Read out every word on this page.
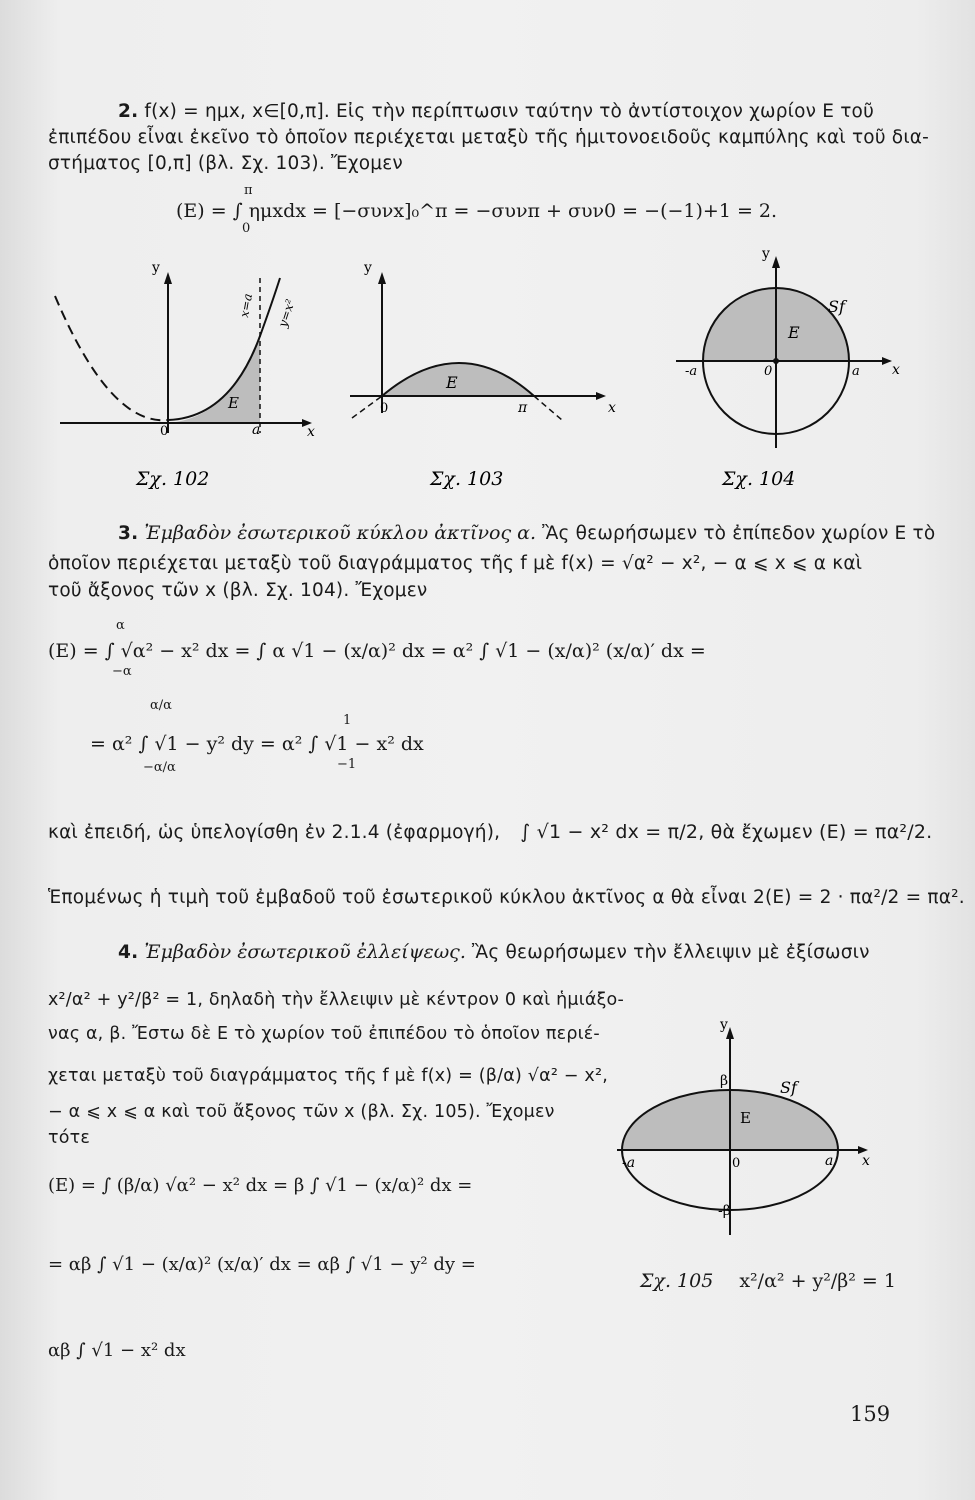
2. f(x) = ημx, x∈[0,π]. Εἰς τὴν περίπτωσιν ταύτην τὸ ἀντίστοιχον χωρίον Ε τοῦ
ἐπιπέδου εἶναι ἐκεῖνο τὸ ὁποῖον περιέχεται μεταξὺ τῆς ἡμιτονοειδοῦς καμπύλης καὶ τοῦ δια-
στήματος [0,π] (βλ. Σχ. 103). Ἔχομεν
(Ε) = ∫ ημxdx = [−συνx]₀^π = −συνπ + συν0 = −(−1)+1 = 2.
π
0
y
x
0	a
E
x=a y=x²
Σχ. 102
y
x
0	π
E
Σχ. 103
y
x
0
-a	a
E
Sf
Σχ. 104
3. Ἐμβαδὸν ἐσωτερικοῦ κύκλου ἀκτῖνος α. Ἂς θεωρήσωμεν τὸ ἐπίπεδον χωρίον Ε τὸ
ὁποῖον περιέχεται μεταξὺ τοῦ διαγράμματος τῆς f μὲ f(x) = √α² − x², − α ⩽ x ⩽ α καὶ
τοῦ ἄξονος τῶν x (βλ. Σχ. 104). Ἔχομεν
(Ε) = ∫ √α² − x² dx = ∫ α √1 − (x/α)² dx = α² ∫ √1 − (x/α)² (x/α)′ dx =
α
−α
= α² ∫ √1 − y² dy = α² ∫ √1 − x² dx
α/α
−α/α
1
−1
καὶ ἐπειδή, ὡς ὑπελογίσθη ἐν 2.1.4 (ἐφαρμογή), ∫ √1 − x² dx = π/2, θὰ ἔχωμεν (Ε) = πα²/2.
Ἑπομένως ἡ τιμὴ τοῦ ἐμβαδοῦ τοῦ ἐσωτερικοῦ κύκλου ἀκτῖνος α θὰ εἶναι 2(Ε) = 2 · πα²/2 = πα².
4. Ἐμβαδὸν ἐσωτερικοῦ ἐλλείψεως. Ἂς θεωρήσωμεν τὴν ἔλλειψιν μὲ ἐξίσωσιν
x²/α² + y²/β² = 1, δηλαδὴ τὴν ἔλλειψιν μὲ κέντρον 0 καὶ ἡμιάξο-
νας α, β. Ἔστω δὲ Ε τὸ χωρίον τοῦ ἐπιπέδου τὸ ὁποῖον περιέ-
χεται μεταξὺ τοῦ διαγράμματος τῆς f μὲ f(x) = (β/α) √α² − x²,
− α ⩽ x ⩽ α καὶ τοῦ ἄξονος τῶν x (βλ. Σχ. 105). Ἔχομεν
τότε
(Ε) = ∫ (β/α) √α² − x² dx = β ∫ √1 − (x/α)² dx =
= αβ ∫ √1 − (x/α)² (x/α)′ dx = αβ ∫ √1 − y² dy =
αβ ∫ √1 − x² dx
y
x
0
-a	a
β
-β
E
Sf
Σχ. 105 x²/α² + y²/β² = 1
159
